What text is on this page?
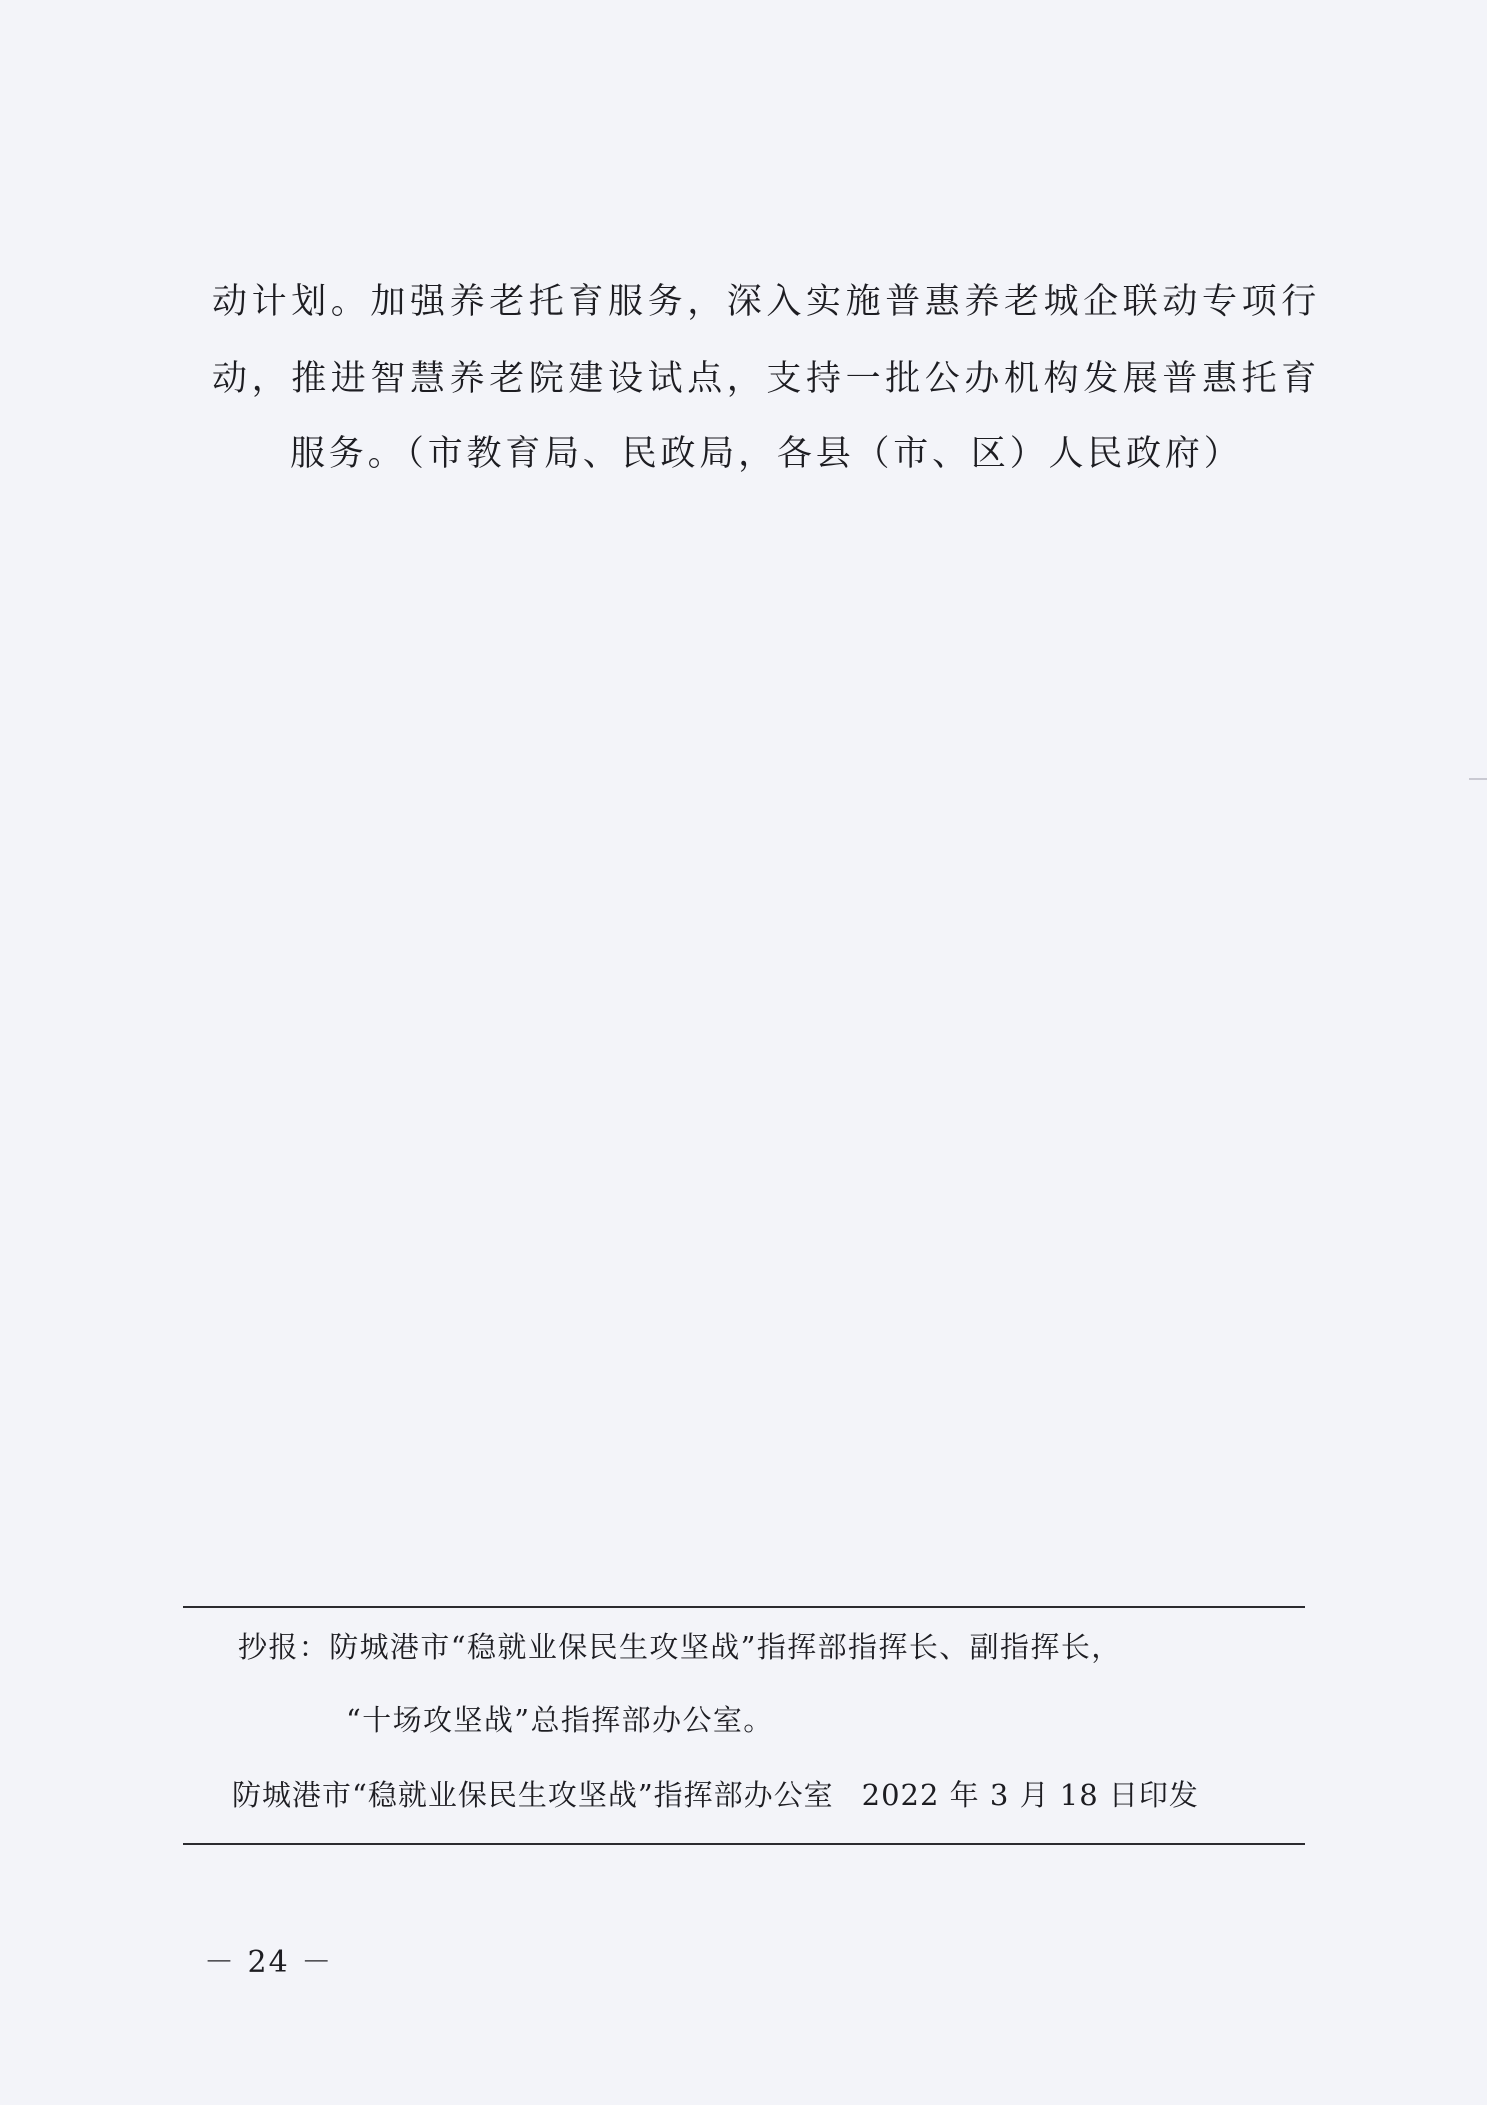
动计划。加强养老托育服务，深入实施普惠养老城企联动专项行
动，推进智慧养老院建设试点，支持一批公办机构发展普惠托育
服务。（市教育局、民政局，各县（市、区）人民政府）
抄报：防城港市“稳就业保民生攻坚战”指挥部指挥长、副指挥长，
“十场攻坚战”总指挥部办公室。
防城港市“稳就业保民生攻坚战”指挥部办公室 2022 年 3 月 18 日印发
－ 24 －
